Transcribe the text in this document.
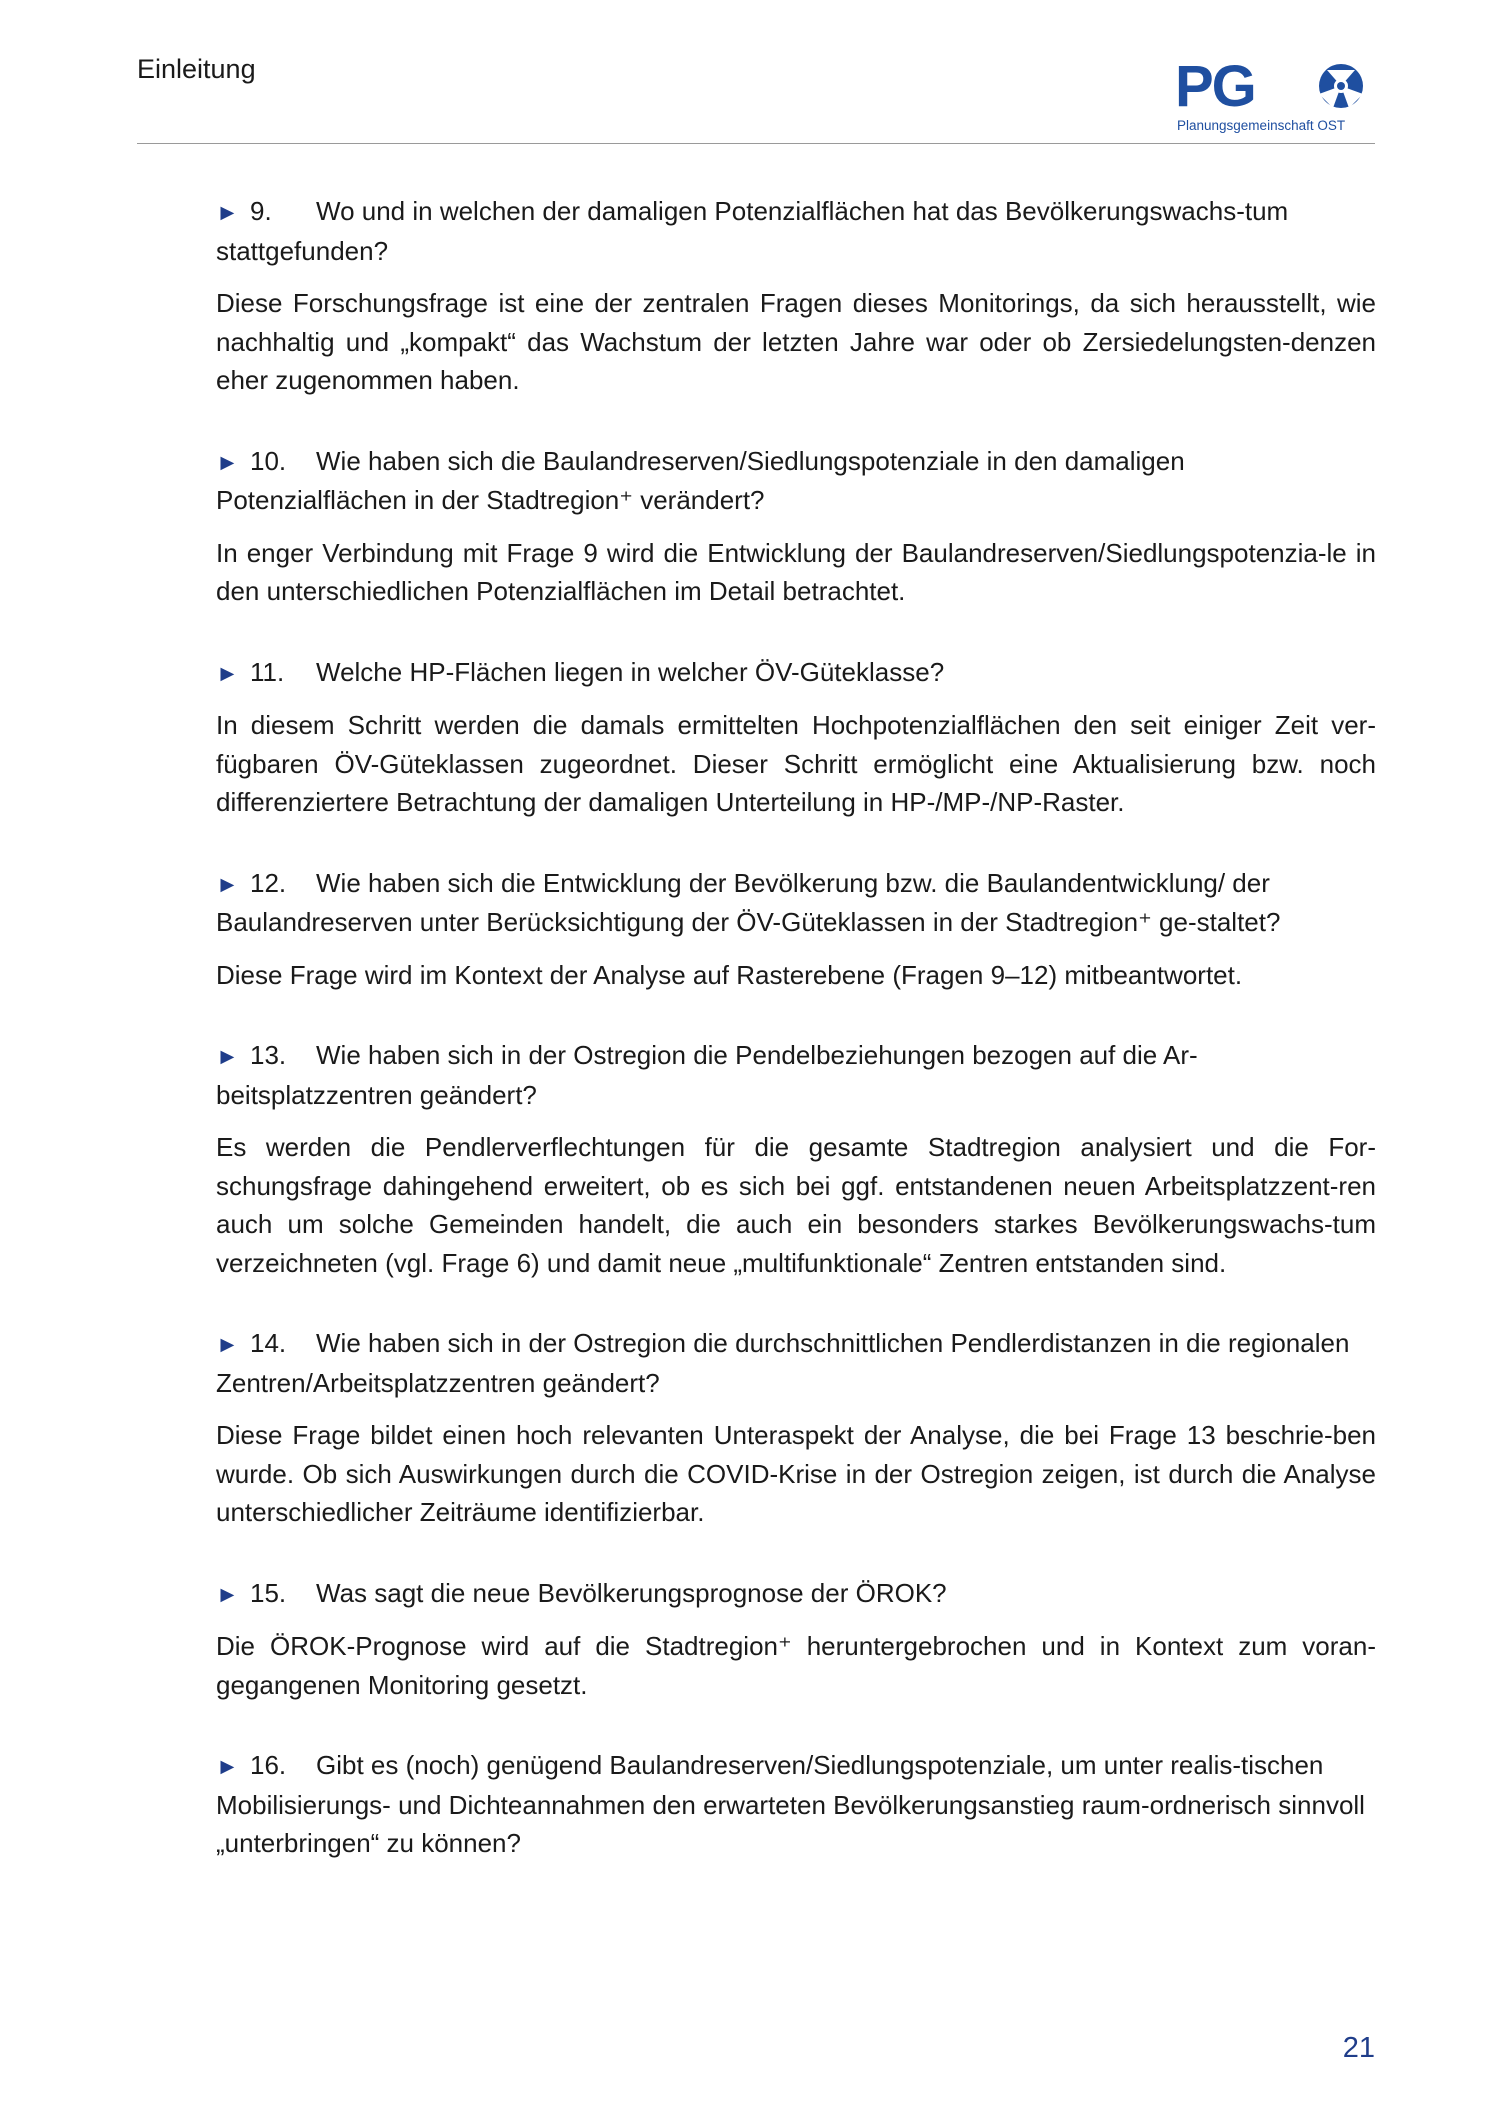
Einleitung	PG
Planungsgemeinschaft OST

► 9. Wo und in welchen der damaligen Potenzialflächen hat das Bevölkerungswachs-tum stattgefunden?

Diese Forschungsfrage ist eine der zentralen Fragen dieses Monitorings, da sich herausstellt, wie nachhaltig und „kompakt“ das Wachstum der letzten Jahre war oder ob Zersiedelungsten-denzen eher zugenommen haben.

► 10. Wie haben sich die Baulandreserven/Siedlungspotenziale in den damaligen Potenzialflächen in der Stadtregion⁺ verändert?

In enger Verbindung mit Frage 9 wird die Entwicklung der Baulandreserven/Siedlungspotenzia-le in den unterschiedlichen Potenzialflächen im Detail betrachtet.

► 11. Welche HP-Flächen liegen in welcher ÖV-Güteklasse?

In diesem Schritt werden die damals ermittelten Hochpotenzialflächen den seit einiger Zeit ver-fügbaren ÖV-Güteklassen zugeordnet. Dieser Schritt ermöglicht eine Aktualisierung bzw. noch differenziertere Betrachtung der damaligen Unterteilung in HP-/MP-/NP-Raster.

► 12. Wie haben sich die Entwicklung der Bevölkerung bzw. die Baulandentwicklung/ der Baulandreserven unter Berücksichtigung der ÖV-Güteklassen in der Stadtregion⁺ ge-staltet?

Diese Frage wird im Kontext der Analyse auf Rasterebene (Fragen 9–12) mitbeantwortet.

► 13. Wie haben sich in der Ostregion die Pendelbeziehungen bezogen auf die Ar-beitsplatzzentren geändert?

Es werden die Pendlerverflechtungen für die gesamte Stadtregion analysiert und die For-schungsfrage dahingehend erweitert, ob es sich bei ggf. entstandenen neuen Arbeitsplatzzent-ren auch um solche Gemeinden handelt, die auch ein besonders starkes Bevölkerungswachs-tum verzeichneten (vgl. Frage 6) und damit neue „multifunktionale“ Zentren entstanden sind.

► 14. Wie haben sich in der Ostregion die durchschnittlichen Pendlerdistanzen in die regionalen Zentren/Arbeitsplatzzentren geändert?

Diese Frage bildet einen hoch relevanten Unteraspekt der Analyse, die bei Frage 13 beschrie-ben wurde. Ob sich Auswirkungen durch die COVID-Krise in der Ostregion zeigen, ist durch die Analyse unterschiedlicher Zeiträume identifizierbar.

► 15. Was sagt die neue Bevölkerungsprognose der ÖROK?

Die ÖROK-Prognose wird auf die Stadtregion⁺ heruntergebrochen und in Kontext zum voran-gegangenen Monitoring gesetzt.

► 16. Gibt es (noch) genügend Baulandreserven/Siedlungspotenziale, um unter realis-tischen Mobilisierungs- und Dichteannahmen den erwarteten Bevölkerungsanstieg raum-ordnerisch sinnvoll „unterbringen“ zu können?

21
